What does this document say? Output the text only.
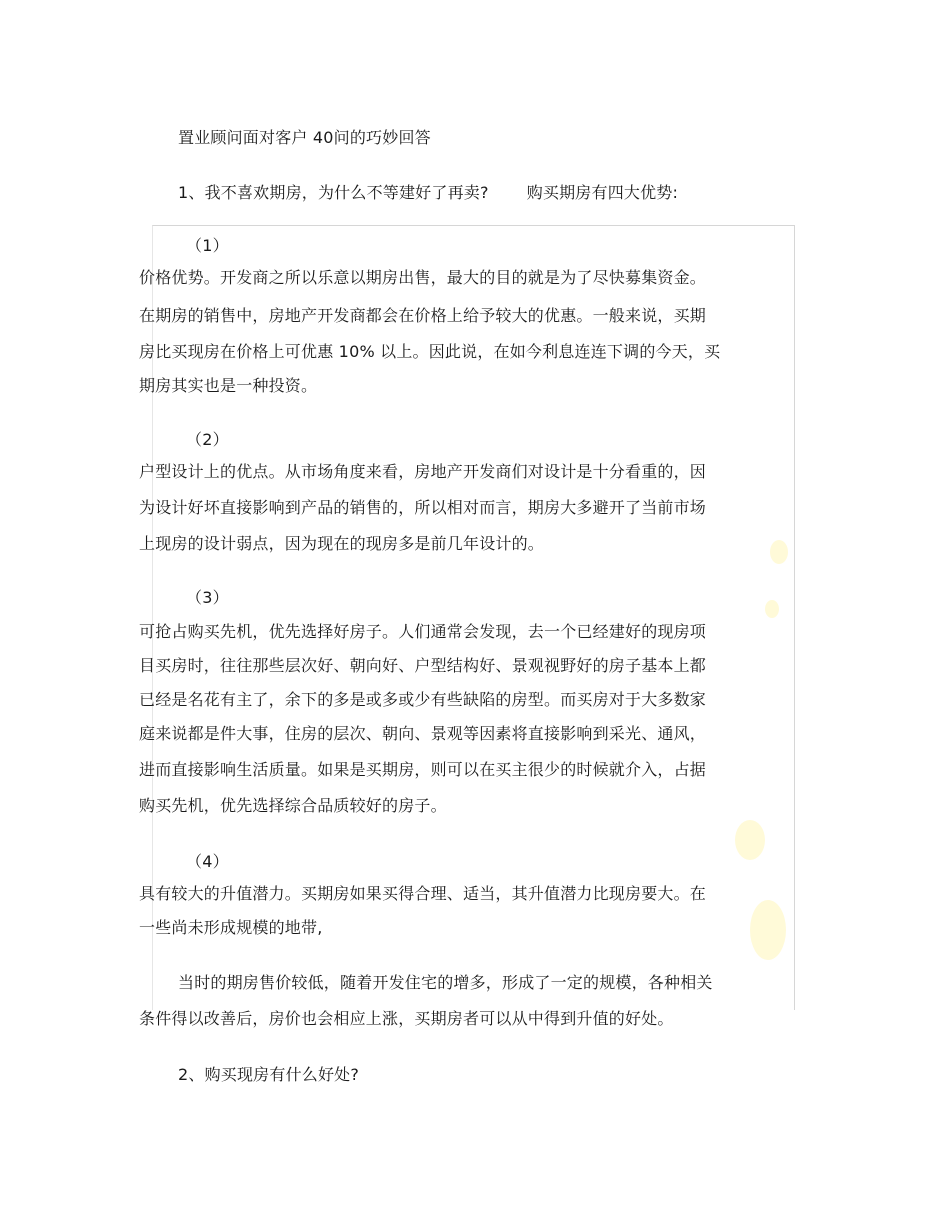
置业顾问面对客户 40问的巧妙回答
1、我不喜欢期房，为什么不等建好了再卖? 购买期房有四大优势:
（1）
价格优势。开发商之所以乐意以期房出售，最大的目的就是为了尽快募集资金。
在期房的销售中，房地产开发商都会在价格上给予较大的优惠。一般来说，买期
房比买现房在价格上可优惠 10% 以上。因此说，在如今利息连连下调的今天，买
期房其实也是一种投资。
（2）
户型设计上的优点。从市场角度来看，房地产开发商们对设计是十分看重的，因
为设计好坏直接影响到产品的销售的，所以相对而言，期房大多避开了当前市场
上现房的设计弱点，因为现在的现房多是前几年设计的。
（3）
可抢占购买先机，优先选择好房子。人们通常会发现，去一个已经建好的现房项
目买房时，往往那些层次好、朝向好、户型结构好、景观视野好的房子基本上都
已经是名花有主了，余下的多是或多或少有些缺陷的房型。而买房对于大多数家
庭来说都是件大事，住房的层次、朝向、景观等因素将直接影响到采光、通风，
进而直接影响生活质量。如果是买期房，则可以在买主很少的时候就介入，占据
购买先机，优先选择综合品质较好的房子。
（4）
具有较大的升值潜力。买期房如果买得合理、适当，其升值潜力比现房要大。在
一些尚未形成规模的地带,
当时的期房售价较低，随着开发住宅的增多，形成了一定的规模，各种相关
条件得以改善后，房价也会相应上涨，买期房者可以从中得到升值的好处。
2、购买现房有什么好处?
